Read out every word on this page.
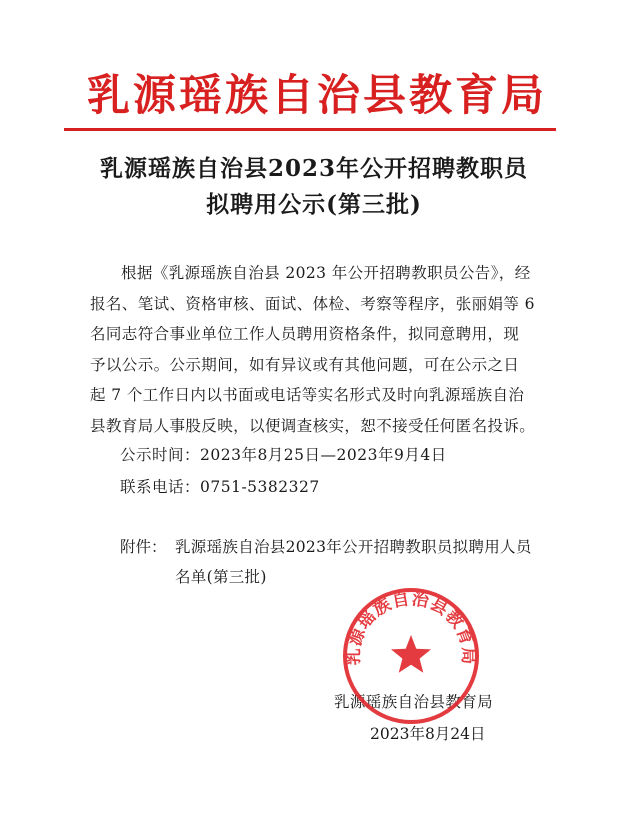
乳源瑶族自治县教育局
乳源瑶族自治县2023年公开招聘教职员
拟聘用公示(第三批)

根据《乳源瑶族自治县 2023 年公开招聘教职员公告》，经
报名、笔试、资格审核、面试、体检、考察等程序，张丽娟等 6
名同志符合事业单位工作人员聘用资格条件，拟同意聘用，现
予以公示。公示期间，如有异议或有其他问题，可在公示之日
起 7 个工作日内以书面或电话等实名形式及时向乳源瑶族自治
县教育局人事股反映，以便调查核实，恕不接受任何匿名投诉。

公示时间：2023年8月25日—2023年9月4日
联系电话：0751-5382327
附件： 乳源瑶族自治县2023年公开招聘教职员拟聘用人员
名单(第三批)
乳源瑶族自治县教育局
2023年8月24日
乳源瑶族自治县教育局
